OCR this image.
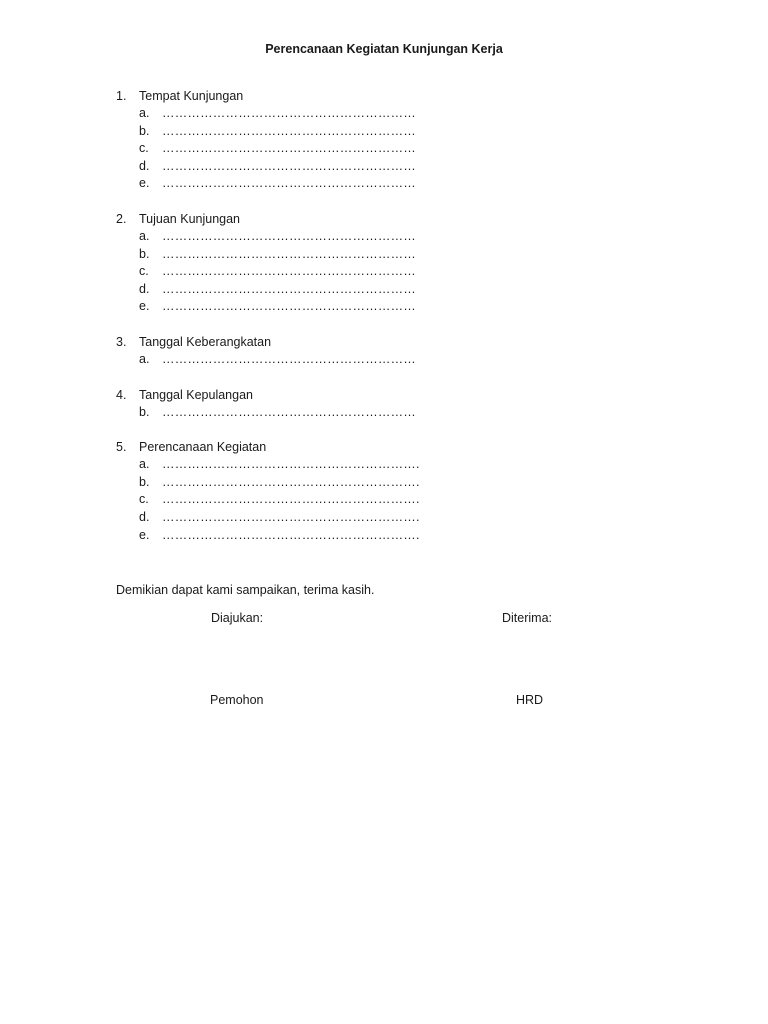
Perencanaan Kegiatan Kunjungan Kerja
1.	Tempat Kunjungan
a.	……………………………………………………
b.	……………………………………………………
c.	……………………………………………………
d.	……………………………………………………
e.	……………………………………………………
2.	Tujuan Kunjungan
a.	……………………………………………………
b.	……………………………………………………
c.	……………………………………………………
d.	……………………………………………………
e.	……………………………………………………
3.	Tanggal Keberangkatan
a.	……………………………………………………
4.	Tanggal Kepulangan
b.	……………………………………………………
5.	Perencanaan Kegiatan
a.	…………………………………………………….
b.	…………………………………………………….
c.	…………………………………………………….
d.	…………………………………………………….
e.	…………………………………………………….
Demikian dapat kami sampaikan, terima kasih.
Diajukan:	Diterima:
Pemohon	HRD
